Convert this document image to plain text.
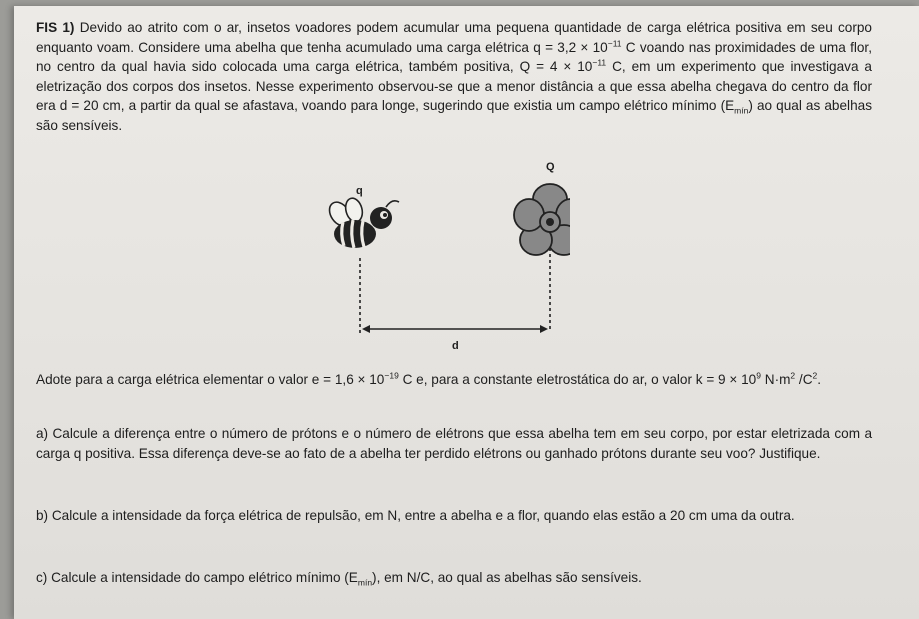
FIS 1) Devido ao atrito com o ar, insetos voadores podem acumular uma pequena quantidade de carga elétrica positiva em seu corpo enquanto voam. Considere uma abelha que tenha acumulado uma carga elétrica $q = 3,2 \times 10^{-11}$ C voando nas proximidades de uma flor, no centro da qual havia sido colocada uma carga elétrica, também positiva, $Q = 4 \times 10^{-11}$ C, em um experimento que investigava a eletrização dos corpos dos insetos. Nesse experimento observou-se que a menor distância a que essa abelha chegava do centro da flor era d = 20 cm, a partir da qual se afastava, voando para longe, sugerindo que existia um campo elétrico mínimo $(E_{mín})$ ao qual as abelhas são sensíveis.

q
Q
d

Adote para a carga elétrica elementar o valor $e = 1,6 \times 10^{-19}$ C e, para a constante eletrostática do ar, o valor $k = 9 \times 10^9$ $N\cdot m^2$ $/C^2$.

a) Calcule a diferença entre o número de prótons e o número de elétrons que essa abelha tem em seu corpo, por estar eletrizada com a carga q positiva. Essa diferença deve-se ao fato de a abelha ter perdido elétrons ou ganhado prótons durante seu voo? Justifique.

b) Calcule a intensidade da força elétrica de repulsão, em N, entre a abelha e a flor, quando elas estão a 20 cm uma da outra.

c) Calcule a intensidade do campo elétrico mínimo $(E_{mín})$, em N/C, ao qual as abelhas são sensíveis.
